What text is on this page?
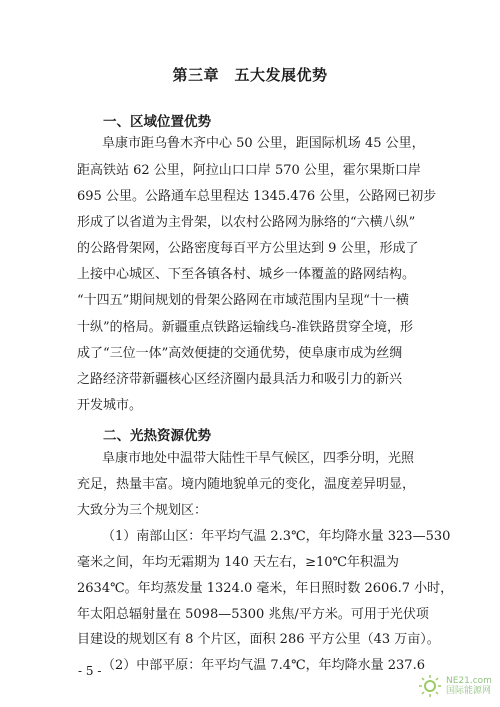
第三章　五大发展优势
一、区域位置优势
阜康市距乌鲁木齐中心 50 公里，距国际机场 45 公里，
距高铁站 62 公里，阿拉山口口岸 570 公里，霍尔果斯口岸
695 公里。公路通车总里程达 1345.476 公里，公路网已初步
形成了以省道为主骨架，以农村公路网为脉络的“六横八纵”
的公路骨架网，公路密度每百平方公里达到 9 公里，形成了
上接中心城区、下至各镇各村、城乡一体覆盖的路网结构。
“十四五”期间规划的骨架公路网在市域范围内呈现“十一横
十纵”的格局。新疆重点铁路运输线乌-准铁路贯穿全境，形
成了“三位一体”高效便捷的交通优势，使阜康市成为丝绸
之路经济带新疆核心区经济圈内最具活力和吸引力的新兴
开发城市。
二、光热资源优势
阜康市地处中温带大陆性干旱气候区，四季分明，光照
充足，热量丰富。境内随地貌单元的变化，温度差异明显，
大致分为三个规划区：
（1）南部山区：年平均气温 2.3℃，年均降水量 323—530
毫米之间，年均无霜期为 140 天左右，≥10℃年积温为
2634℃。年均蒸发量 1324.0 毫米，年日照时数 2606.7 小时，
年太阳总辐射量在 5098—5300 兆焦/平方米。可用于光伏项
目建设的规划区有 8 个片区，面积 286 平方公里（43 万亩）。
- 5 -
NE21.com
国际能源网
（2）中部平原：年平均气温 7.4℃，年均降水量 237.6
